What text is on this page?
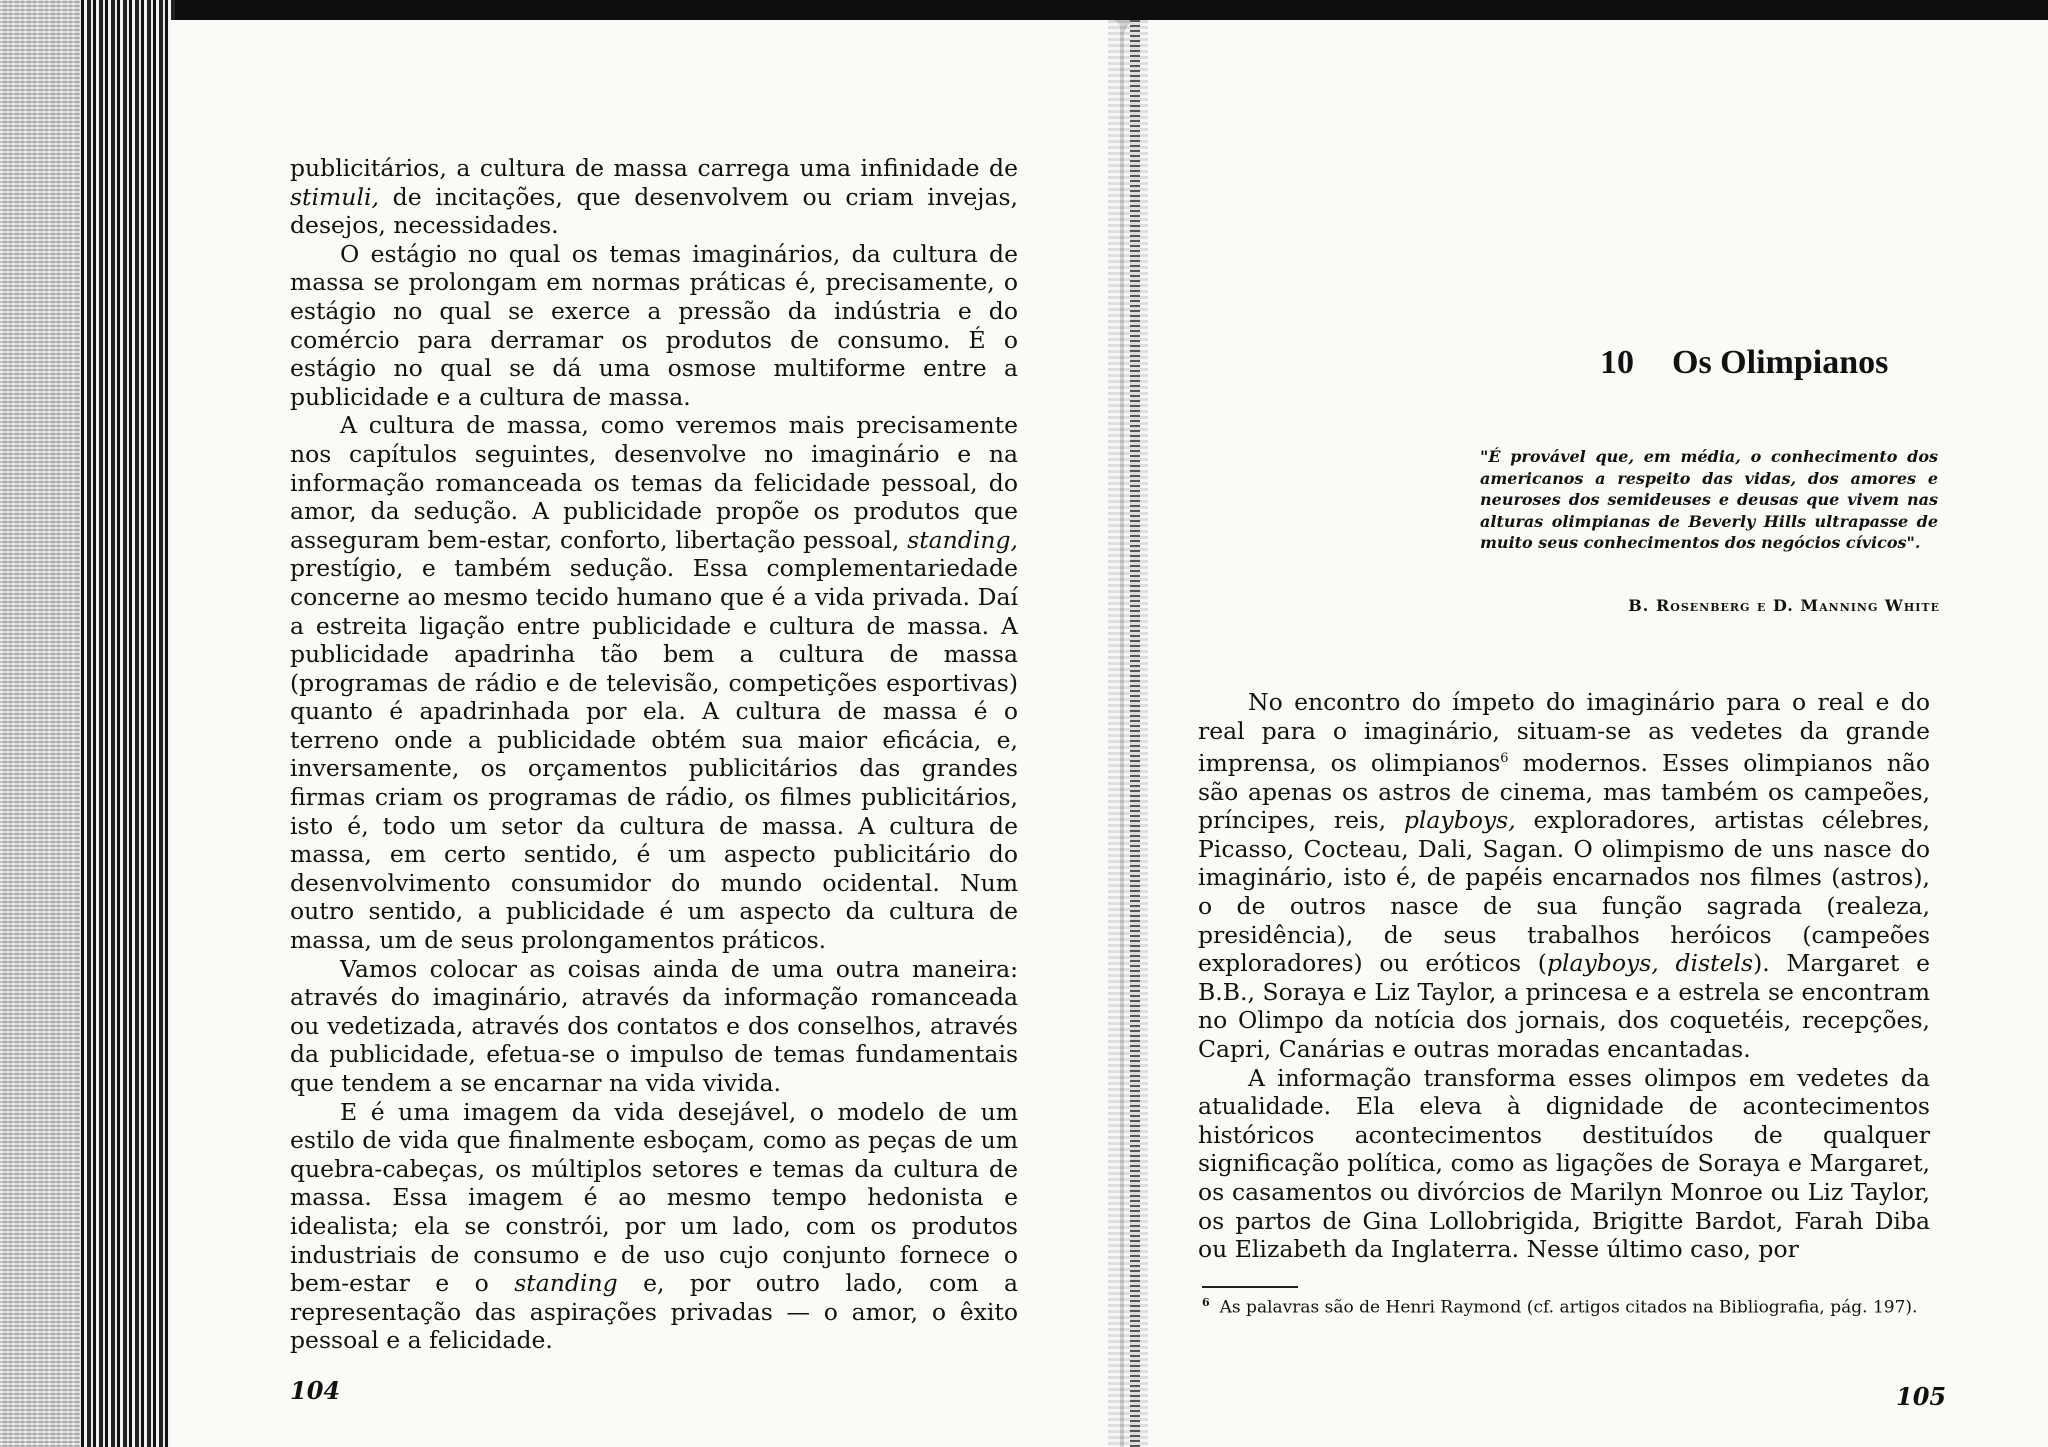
publicitários, a cultura de massa carrega uma infinidade de stimuli, de incitações, que desenvolvem ou criam invejas, desejos, necessidades.

O estágio no qual os temas imaginários, da cultura de massa se prolongam em normas práticas é, precisamente, o estágio no qual se exerce a pressão da indústria e do comércio para derramar os produtos de consumo. É o estágio no qual se dá uma osmose multiforme entre a publicidade e a cultura de massa.

A cultura de massa, como veremos mais precisamente nos capítulos seguintes, desenvolve no imaginário e na informação romanceada os temas da felicidade pessoal, do amor, da sedução. A publicidade propõe os produtos que asseguram bem-estar, conforto, libertação pessoal, standing, prestígio, e também sedução. Essa complementariedade concerne ao mesmo tecido humano que é a vida privada. Daí a estreita ligação entre publicidade e cultura de massa. A publicidade apadrinha tão bem a cultura de massa (programas de rádio e de televisão, competições esportivas) quanto é apadrinhada por ela. A cultura de massa é o terreno onde a publicidade obtém sua maior eficácia, e, inversamente, os orçamentos publicitários das grandes firmas criam os programas de rádio, os filmes publicitários, isto é, todo um setor da cultura de massa. A cultura de massa, em certo sentido, é um aspecto publicitário do desenvolvimento consumidor do mundo ocidental. Num outro sentido, a publicidade é um aspecto da cultura de massa, um de seus prolongamentos práticos.

Vamos colocar as coisas ainda de uma outra maneira: através do imaginário, através da informação romanceada ou vedetizada, através dos contatos e dos conselhos, através da publicidade, efetua-se o impulso de temas fundamentais que tendem a se encarnar na vida vivida.

E é uma imagem da vida desejável, o modelo de um estilo de vida que finalmente esboçam, como as peças de um quebra-cabeças, os múltiplos setores e temas da cultura de massa. Essa imagem é ao mesmo tempo hedonista e idealista; ela se constrói, por um lado, com os produtos industriais de consumo e de uso cujo conjunto fornece o bem-estar e o standing e, por outro lado, com a representação das aspirações privadas — o amor, o êxito pessoal e a felicidade.

104
10 Os Olimpianos
"É provável que, em média, o conhecimento dos americanos a respeito das vidas, dos amores e neuroses dos semideuses e deusas que vivem nas alturas olimpianas de Beverly Hills ultrapasse de muito seus conhecimentos dos negócios cívicos".
B. Rosenberg e D. Manning White

No encontro do ímpeto do imaginário para o real e do real para o imaginário, situam-se as vedetes da grande imprensa, os olimpianos$^6$ modernos. Esses olimpianos não são apenas os astros de cinema, mas também os campeões, príncipes, reis, playboys, exploradores, artistas célebres, Picasso, Cocteau, Dali, Sagan. O olimpismo de uns nasce do imaginário, isto é, de papéis encarnados nos filmes (astros), o de outros nasce de sua função sagrada (realeza, presidência), de seus trabalhos heróicos (campeões exploradores) ou eróticos (playboys, distels). Margaret e B.B., Soraya e Liz Taylor, a princesa e a estrela se encontram no Olimpo da notícia dos jornais, dos coquetéis, recepções, Capri, Canárias e outras moradas encantadas.

A informação transforma esses olimpos em vedetes da atualidade. Ela eleva à dignidade de acontecimentos históricos acontecimentos destituídos de qualquer significação política, como as ligações de Soraya e Margaret, os casamentos ou divórcios de Marilyn Monroe ou Liz Taylor, os partos de Gina Lollobrigida, Brigitte Bardot, Farah Diba ou Elizabeth da Inglaterra. Nesse último caso, por

$^6$ As palavras são de Henri Raymond (cf. artigos citados na Bibliografia, pág. 197).
105
